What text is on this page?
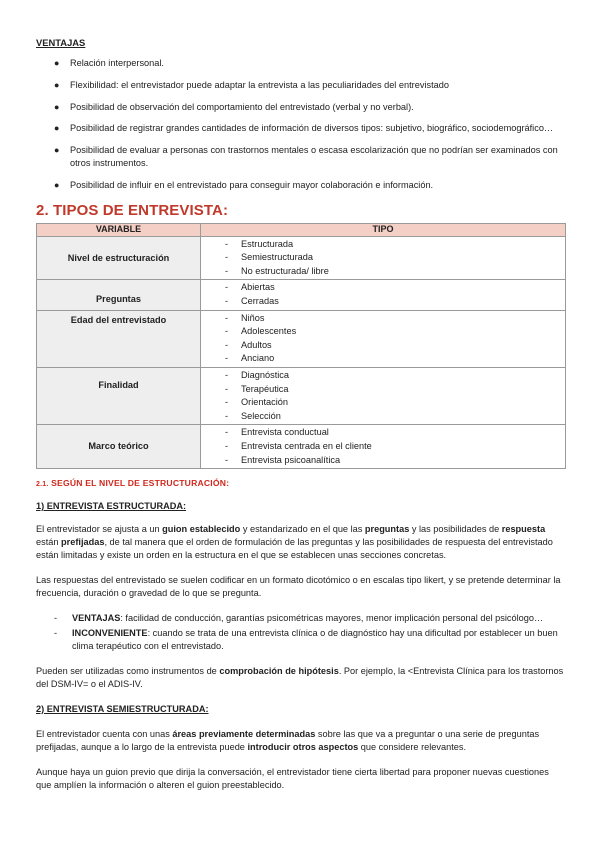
VENTAJAS
● Relación interpersonal.
● Flexibilidad: el entrevistador puede adaptar la entrevista a las peculiaridades del entrevistado
● Posibilidad de observación del comportamiento del entrevistado (verbal y no verbal).
● Posibilidad de registrar grandes cantidades de información de diversos tipos: subjetivo, biográfico, sociodemográfico…
● Posibilidad de evaluar a personas con trastornos mentales o escasa escolarización que no podrían ser examinados con otros instrumentos.
● Posibilidad de influir en el entrevistado para conseguir mayor colaboración e información.
2. TIPOS DE ENTREVISTA:
VARIABLE	TIPO
Nivel de estructuración	- Estructurada
- Semiestructurada
- No estructurada/ libre

Preguntas	- Abiertas
- Cerradas

Edad del entrevistado	- Niños
- Adolescentes
- Adultos
- Anciano

Finalidad	- Diagnóstica
- Terapéutica
- Orientación
- Selección

Marco teórico	- Entrevista conductual
- Entrevista centrada en el cliente
- Entrevista psicoanalítica
2.1. SEGÚN EL NIVEL DE ESTRUCTURACIÓN:
1) ENTREVISTA ESTRUCTURADA:

El entrevistador se ajusta a un guion establecido y estandarizado en el que las preguntas y las posibilidades de respuesta están prefijadas, de tal manera que el orden de formulación de las preguntas y las posibilidades de respuesta del entrevistado están limitadas y existe un orden en la estructura en el que se establecen unas secciones concretas.

Las respuestas del entrevistado se suelen codificar en un formato dicotómico o en escalas tipo likert, y se pretende determinar la frecuencia, duración o gravedad de lo que se pregunta.

- VENTAJAS: facilidad de conducción, garantías psicométricas mayores, menor implicación personal del psicólogo…
- INCONVENIENTE: cuando se trata de una entrevista clínica o de diagnóstico hay una dificultad por establecer un buen clima terapéutico con el entrevistado.

Pueden ser utilizadas como instrumentos de comprobación de hipótesis. Por ejemplo, la <Entrevista Clínica para los trastornos del DSM-IV= o el ADIS-IV.

2) ENTREVISTA SEMIESTRUCTURADA:

El entrevistador cuenta con unas áreas previamente determinadas sobre las que va a preguntar o una serie de preguntas prefijadas, aunque a lo largo de la entrevista puede introducir otros aspectos que considere relevantes.

Aunque haya un guion previo que dirija la conversación, el entrevistador tiene cierta libertad para proponer nuevas cuestiones que amplíen la información o alteren el guion preestablecido.
